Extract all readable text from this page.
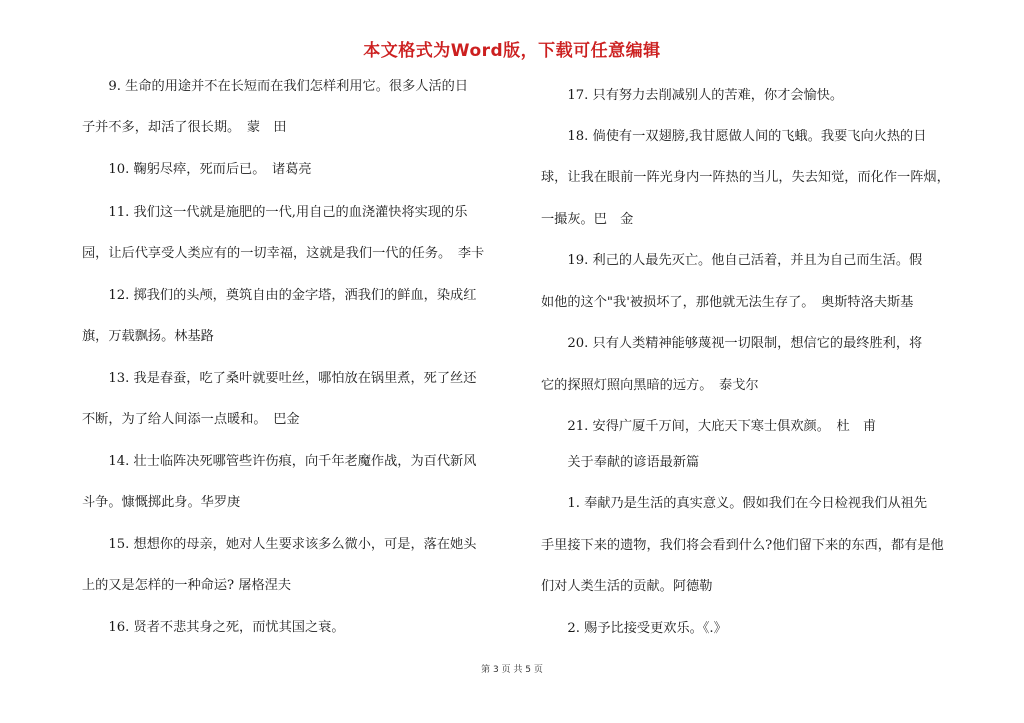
本文格式为Word版，下载可任意编辑
　　9. 生命的用途并不在长短而在我们怎样利用它。很多人活的日
子并不多，却活了很长期。　蒙　田
　　10. 鞠躬尽瘁，死而后已。　诸葛亮
　　11. 我们这一代就是施肥的一代,用自己的血浇灌快将实现的乐
园，让后代享受人类应有的一切幸福，这就是我们一代的任务。　李卡
　　12. 掷我们的头颅，奠筑自由的金字塔，洒我们的鲜血，染成红
旗，万载飘扬。林基路
　　13. 我是春蚕，吃了桑叶就要吐丝，哪怕放在锅里煮，死了丝还
不断，为了给人间添一点暖和。　巴金
　　14. 壮士临阵决死哪管些许伤痕，向千年老魔作战，为百代新风
斗争。慷慨掷此身。华罗庚
　　15. 想想你的母亲，她对人生要求该多么微小，可是，落在她头
上的又是怎样的一种命运? 屠格涅夫
　　16. 贤者不悲其身之死，而忧其国之衰。
　　17. 只有努力去削减别人的苦难，你才会愉快。
　　18. 倘使有一双翅膀,我甘愿做人间的飞蛾。我要飞向火热的日
球，让我在眼前一阵光身内一阵热的当儿，失去知觉，而化作一阵烟，
一撮灰。巴　金
　　19. 利己的人最先灭亡。他自己活着，并且为自己而生活。假
如他的这个"我'被损坏了，那他就无法生存了。　奥斯特洛夫斯基
　　20. 只有人类精神能够蔑视一切限制，想信它的最终胜利，将
它的探照灯照向黑暗的远方。　泰戈尔
　　21. 安得广厦千万间，大庇天下寒士俱欢颜。　杜　甫
　　关于奉献的谚语最新篇
　　1. 奉献乃是生活的真实意义。假如我们在今日检视我们从祖先
手里接下来的遗物，我们将会看到什么?他们留下来的东西，都有是他
们对人类生活的贡献。阿德勒
　　2. 赐予比接受更欢乐。《.》
第 3 页 共 5 页
